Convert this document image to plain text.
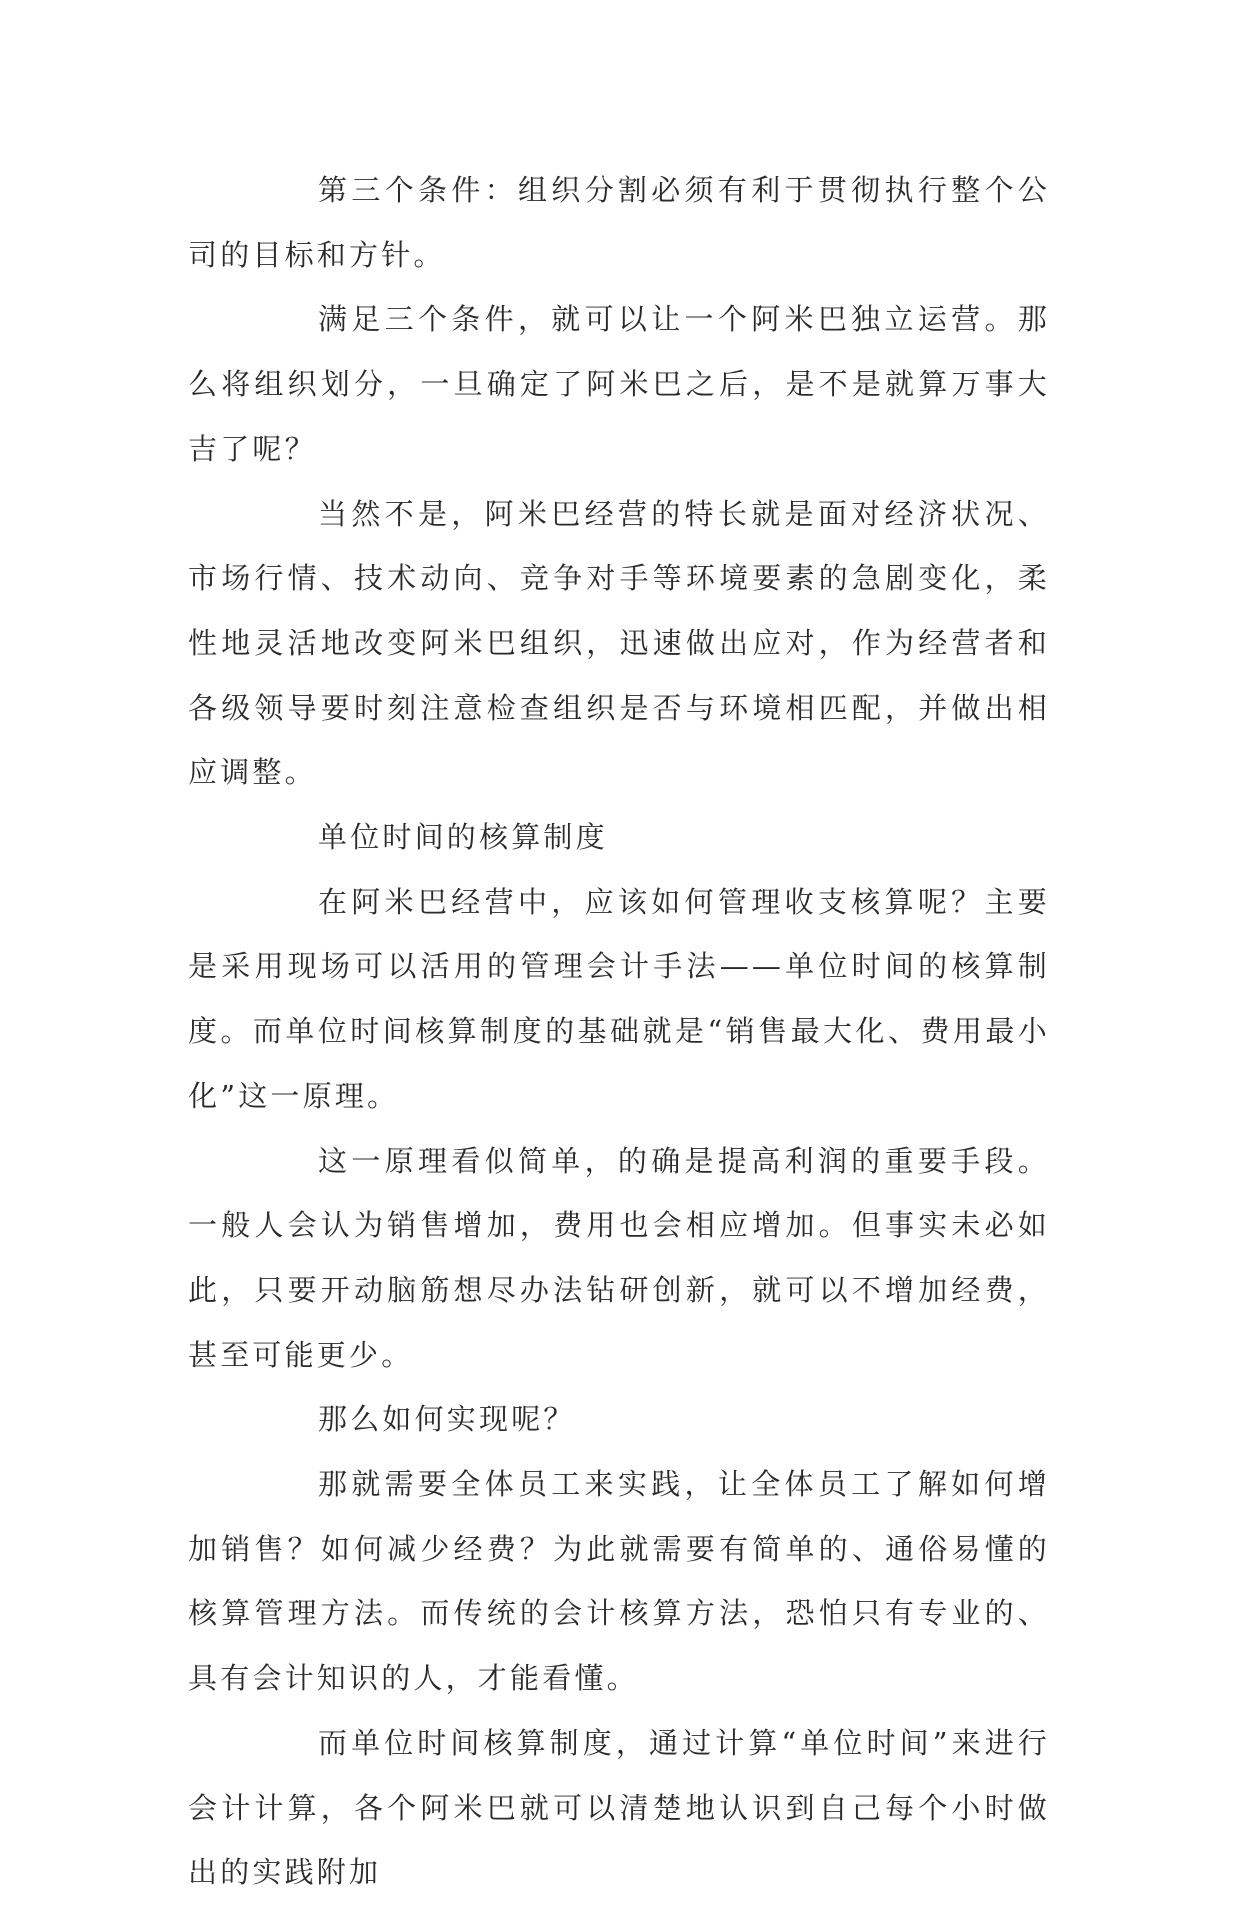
第三个条件：组织分割必须有利于贯彻执行整个公司的目标和方针。

满足三个条件，就可以让一个阿米巴独立运营。那么将组织划分，一旦确定了阿米巴之后，是不是就算万事大吉了呢？

当然不是，阿米巴经营的特长就是面对经济状况、市场行情、技术动向、竞争对手等环境要素的急剧变化，柔性地灵活地改变阿米巴组织，迅速做出应对，作为经营者和各级领导要时刻注意检查组织是否与环境相匹配，并做出相应调整。

单位时间的核算制度

在阿米巴经营中，应该如何管理收支核算呢？主要是采用现场可以活用的管理会计手法——单位时间的核算制度。而单位时间核算制度的基础就是“销售最大化、费用最小化”这一原理。

这一原理看似简单，的确是提高利润的重要手段。一般人会认为销售增加，费用也会相应增加。但事实未必如此，只要开动脑筋想尽办法钻研创新，就可以不增加经费，甚至可能更少。

那么如何实现呢？

那就需要全体员工来实践，让全体员工了解如何增加销售？如何减少经费？为此就需要有简单的、通俗易懂的核算管理方法。而传统的会计核算方法，恐怕只有专业的、具有会计知识的人，才能看懂。

而单位时间核算制度，通过计算“单位时间”来进行会计计算，各个阿米巴就可以清楚地认识到自己每个小时做出的实践附加
